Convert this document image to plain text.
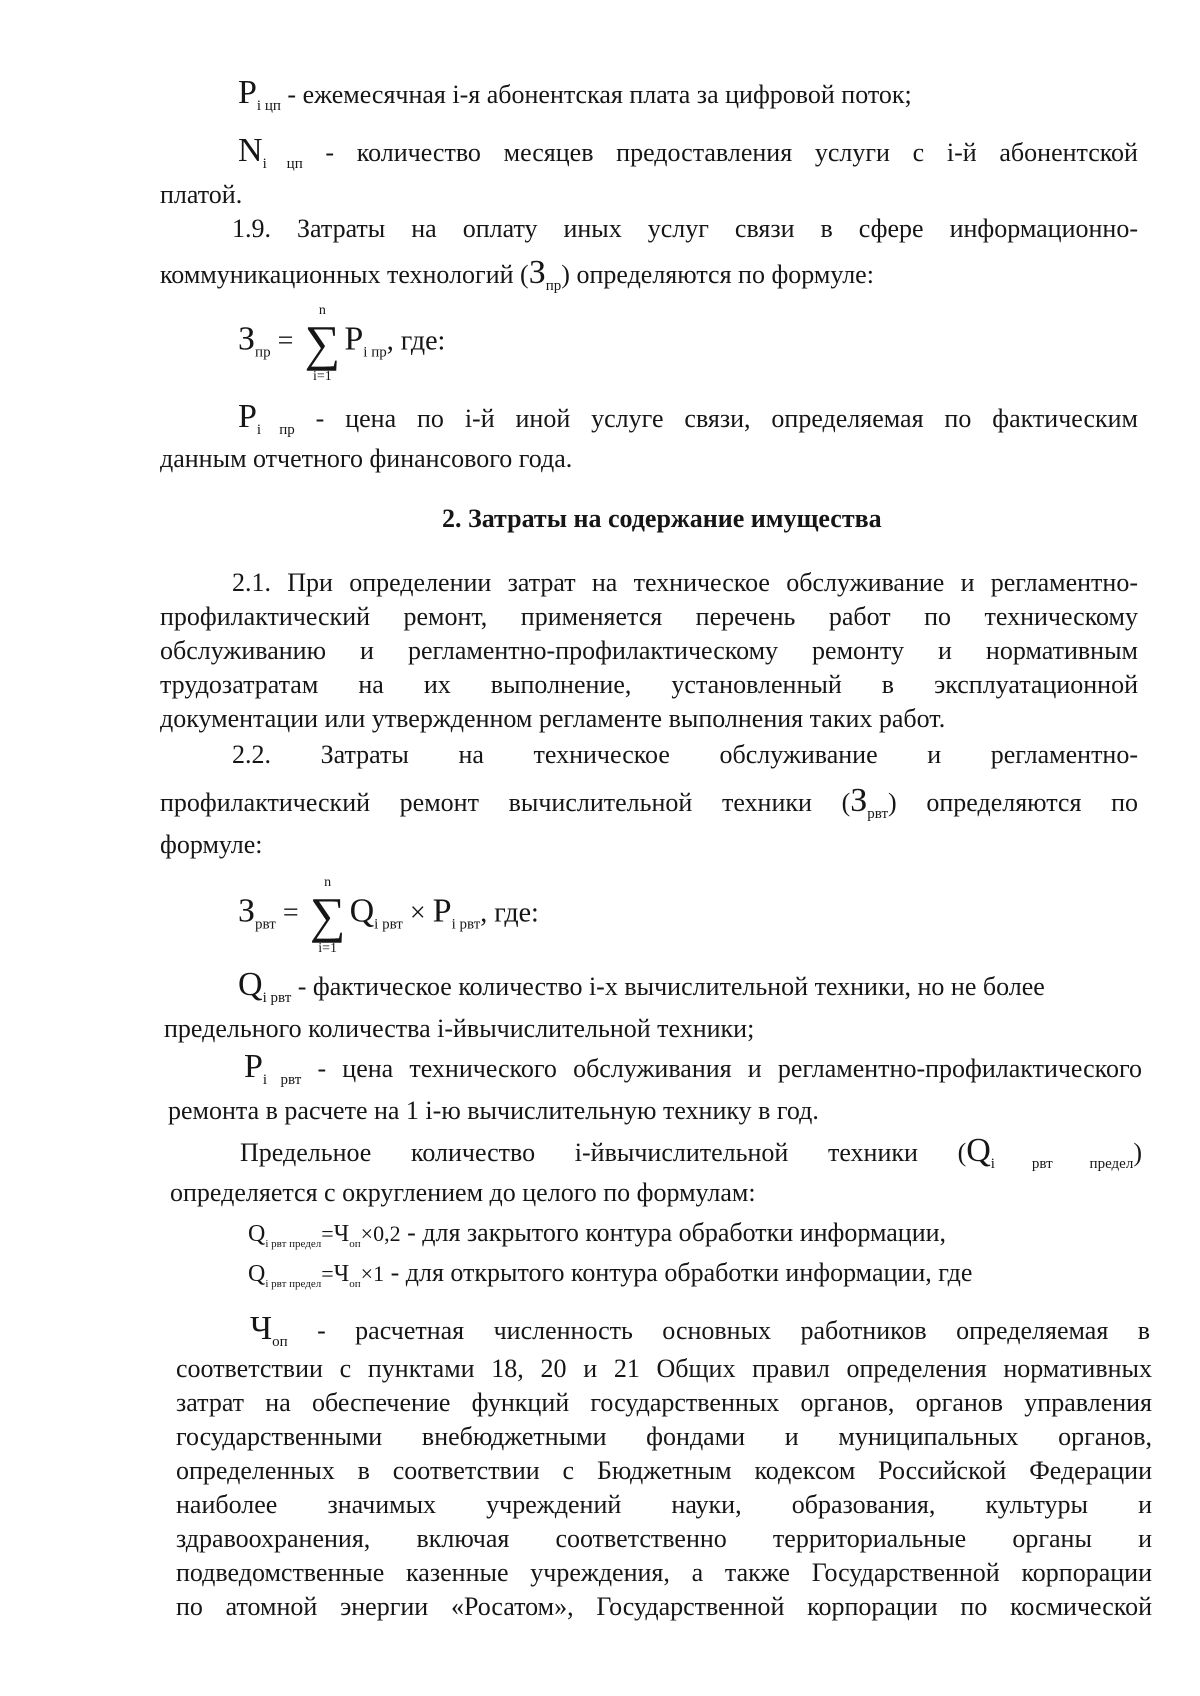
$P_{i цп}$ - ежемесячная i-я абонентская плата за цифровой поток;
$N_{i цп}$ - количество месяцев предоставления услуги с i-й абонентской
платой.
1.9. Затраты на оплату иных услуг связи в сфере информационно-
коммуникационных технологий $(З_{пр})$ определяются по формуле:
$З_{пр}$ =
n
∑
i=1
$P_{i пр}$, где:
$P_{i пр}$ - цена по i-й иной услуге связи, определяемая по фактическим
данным отчетного финансового года.
2. Затраты на содержание имущества
2.1. При определении затрат на техническое обслуживание и регламентно-
профилактический ремонт, применяется перечень работ по техническому
обслуживанию и регламентно-профилактическому ремонту и нормативным
трудозатратам на их выполнение, установленный в эксплуатационной
документации или утвержденном регламенте выполнения таких работ.
2.2. Затраты на техническое обслуживание и регламентно-
профилактический ремонт вычислительной техники $(З_{рвт})$ определяются по
формуле:
$З_{рвт}$ =
n
∑
i=1
$Q_{i рвт} \times P_{i рвт}$, где:
$Q_{i рвт}$ - фактическое количество i-х вычислительной техники, но не более
предельного количества i-йвычислительной техники;
$P_{i рвт}$ - цена технического обслуживания и регламентно-профилактического
ремонта в расчете на 1 i-ю вычислительную технику в год.
Предельное количество i-йвычислительной техники $(Q_{i рвт предел})$
определяется с округлением до целого по формулам:
$Q_{i рвт предел}=Ч_{оп}\times 0,2$ - для закрытого контура обработки информации,
$Q_{i рвт предел}=Ч_{оп}\times 1$ - для открытого контура обработки информации, где
$Ч_{оп}$ - расчетная численность основных работников определяемая в
соответствии с пунктами 18, 20 и 21 Общих правил определения нормативных
затрат на обеспечение функций государственных органов, органов управления
государственными внебюджетными фондами и муниципальных органов,
определенных в соответствии с Бюджетным кодексом Российской Федерации
наиболее значимых учреждений науки, образования, культуры и
здравоохранения, включая соответственно территориальные органы и
подведомственные казенные учреждения, а также Государственной корпорации
по атомной энергии «Росатом», Государственной корпорации по космической
